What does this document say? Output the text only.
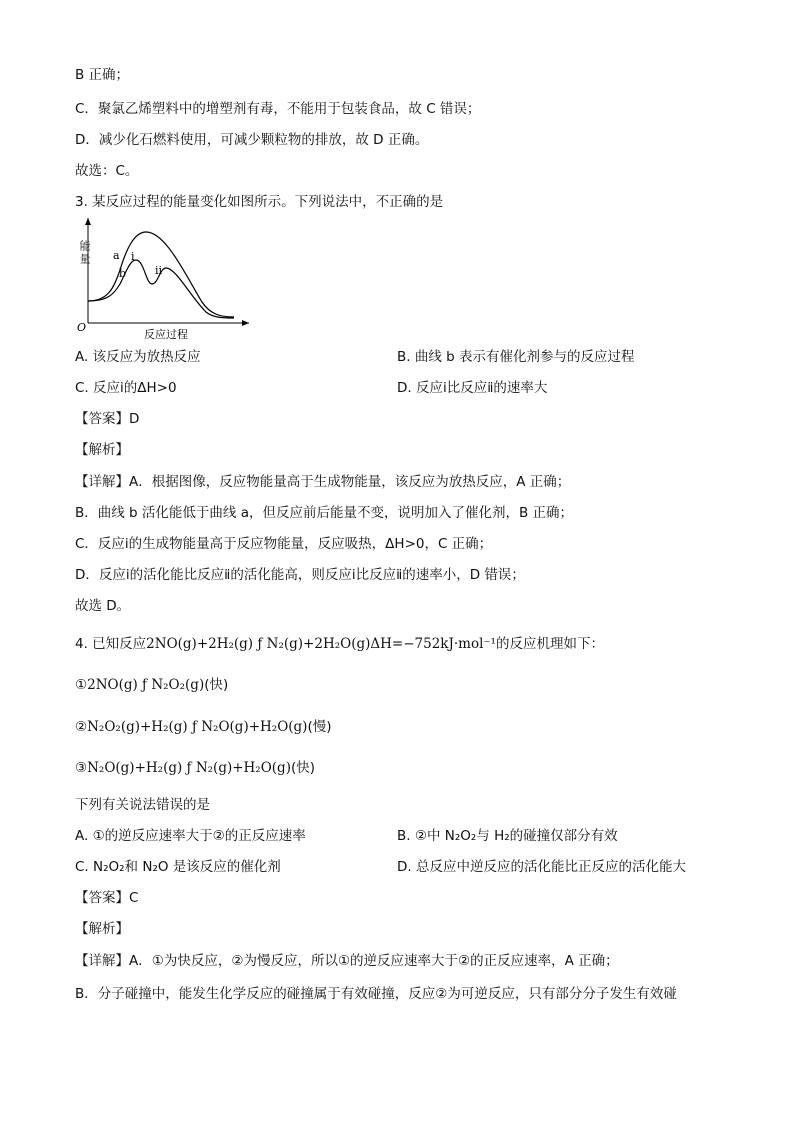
B 正确；
C．聚氯乙烯塑料中的增塑剂有毒，不能用于包装食品，故 C 错误；
D．减少化石燃料使用，可减少颗粒物的排放，故 D 正确。
故选：C。
3. 某反应过程的能量变化如图所示。下列说法中，不正确的是
a i
b	ii
O
反应过程
能量
A. 该反应为放热反应	B. 曲线 b 表示有催化剂参与的反应过程
C. 反应ⅰ的ΔH>0	D. 反应ⅰ比反应ⅱ的速率大
【答案】D
【解析】
【详解】A．根据图像，反应物能量高于生成物能量，该反应为放热反应，A 正确；
B．曲线 b 活化能低于曲线 a，但反应前后能量不变，说明加入了催化剂，B 正确；
C．反应ⅰ的生成物能量高于反应物能量，反应吸热，ΔH>0，C 正确；
D．反应ⅰ的活化能比反应ⅱ的活化能高，则反应ⅰ比反应ⅱ的速率小，D 错误；
故选 D。
4. 已知反应2NO(g)+2H₂(g) ƒ N₂(g)+2H₂O(g)ΔH=−752kJ·mol⁻¹的反应机理如下：
①2NO(g) ƒ N₂O₂(g)(快)
②N₂O₂(g)+H₂(g) ƒ N₂O(g)+H₂O(g)(慢)
③N₂O(g)+H₂(g) ƒ N₂(g)+H₂O(g)(快)
下列有关说法错误的是
A. ①的逆反应速率大于②的正反应速率	B. ②中 N₂O₂与 H₂的碰撞仅部分有效
C. N₂O₂和 N₂O 是该反应的催化剂	D. 总反应中逆反应的活化能比正反应的活化能大
【答案】C
【解析】
【详解】A．①为快反应，②为慢反应，所以①的逆反应速率大于②的正反应速率，A 正确；
B．分子碰撞中，能发生化学反应的碰撞属于有效碰撞，反应②为可逆反应，只有部分分子发生有效碰
